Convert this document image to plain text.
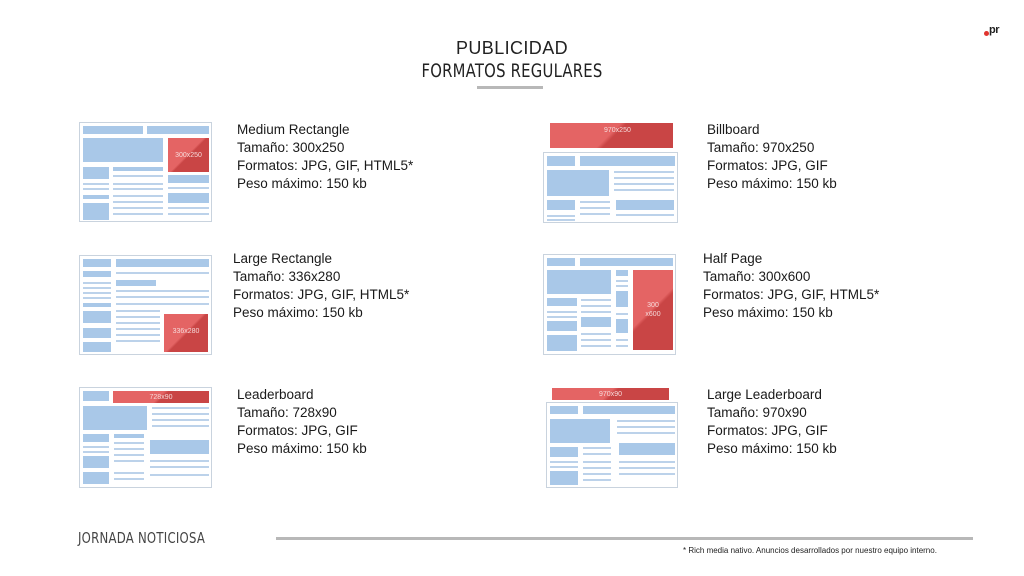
pr
PUBLICIDAD
FORMATOS REGULARES
300x250
Medium Rectangle
Tamaño: 300x250
Formatos: JPG, GIF, HTML5*
Peso máximo: 150 kb
970x250	Billboard
Tamaño: 970x250
Formatos: JPG, GIF
Peso máximo: 150 kb
336x280
Large Rectangle
Tamaño: 336x280
Formatos: JPG, GIF, HTML5*
Peso máximo: 150 kb	300
x600
Half Page
Tamaño: 300x600
Formatos: JPG, GIF, HTML5*
Peso máximo: 150 kb
728x90	Leaderboard
Tamaño: 728x90
Formatos: JPG, GIF
Peso máximo: 150 kb
970x90	Large Leaderboard
Tamaño: 970x90
Formatos: JPG, GIF
Peso máximo: 150 kb
JORNADA NOTICIOSA
* Rich media nativo. Anuncios desarrollados por nuestro equipo interno.
